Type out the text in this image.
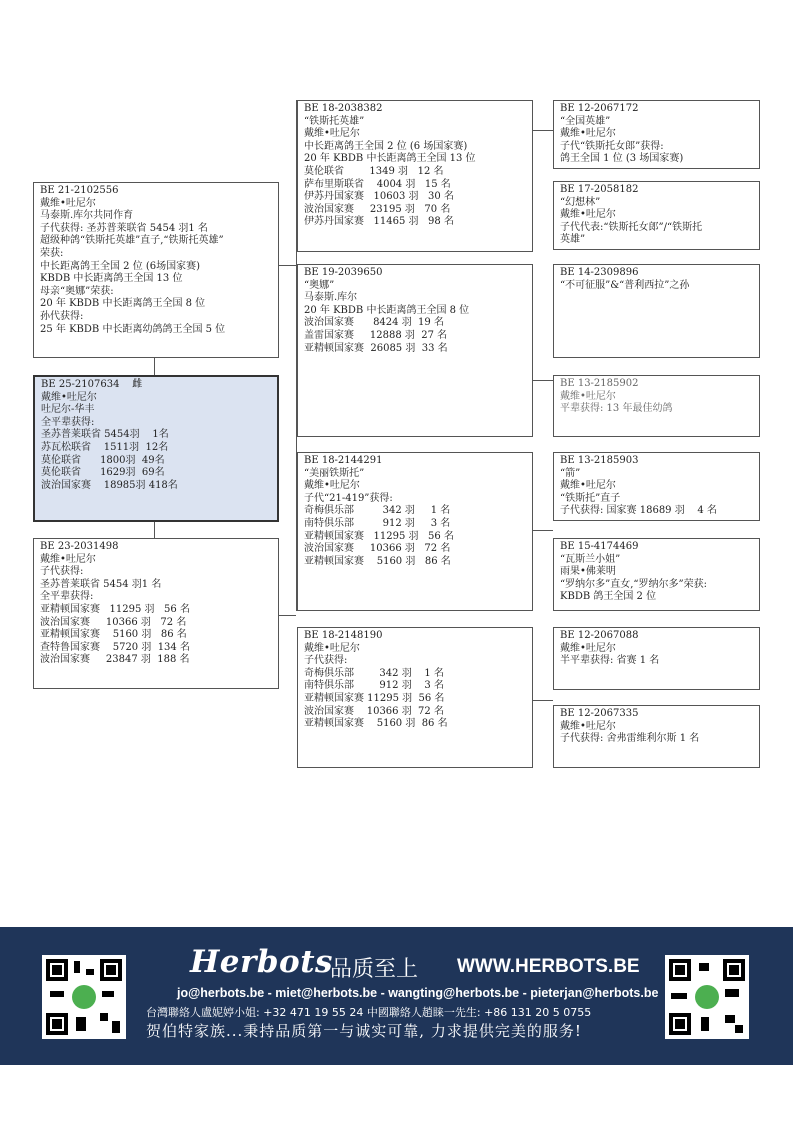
BE 21-2102556
戴维•吐尼尔
马泰斯.库尔共同作育
子代获得: 圣苏普莱联省 5454 羽1 名
超级种鸽“铁斯托英雄”直子,“铁斯托英雄”
荣获:
中长距离鸽王全国 2 位 (6场国家赛)
KBDB 中长距离鸽王全国 13 位
母亲“奥娜”荣获:
20 年 KBDB 中长距离鸽王全国 8 位
孙代获得:
25 年 KBDB 中长距离幼鸽鸽王全国 5 位
BE 25-2107634    雌
戴维•吐尼尔
吐尼尔-华丰
全平辈获得:
圣苏普莱联省 5454羽    1名
苏瓦松联省    1511羽  12名
莫伦联省      1800羽  49名
莫伦联省      1629羽  69名
波治国家赛    18985羽 418名
BE 23-2031498
戴维•吐尼尔
子代获得:
圣苏普莱联省 5454 羽1 名
全平辈获得:
亚精顿国家赛   11295 羽   56 名
波治国家赛     10366 羽   72 名
亚精顿国家赛    5160 羽   86 名
查特鲁国家赛    5720 羽  134 名
波治国家赛     23847 羽  188 名
BE 18-2038382
“铁斯托英雄”
戴维•吐尼尔
中长距离鸽王全国 2 位 (6 场国家赛)
20 年 KBDB 中长距离鸽王全国 13 位
莫伦联省        1349 羽   12 名
萨布里斯联省    4004 羽   15 名
伊苏丹国家赛   10603 羽   30 名
波治国家赛     23195 羽   70 名
伊苏丹国家赛   11465 羽   98 名
BE 19-2039650
“奥娜”
马泰斯.库尔
20 年 KBDB 中长距离鸽王全国 8 位
波治国家赛      8424 羽  19 名
盖雷国家赛     12888 羽  27 名
亚精顿国家赛  26085 羽  33 名
BE 18-2144291
“美丽铁斯托”
戴维•吐尼尔
子代“21-419”获得:
奇梅俱乐部         342 羽     1 名
南特俱乐部         912 羽     3 名
亚精顿国家赛   11295 羽   56 名
波治国家赛     10366 羽   72 名
亚精顿国家赛    5160 羽   86 名
BE 18-2148190
戴维•吐尼尔
子代获得:
奇梅俱乐部        342 羽    1 名
南特俱乐部        912 羽    3 名
亚精顿国家赛 11295 羽  56 名
波治国家赛    10366 羽  72 名
亚精顿国家赛    5160 羽  86 名
BE 12-2067172
“全国英雄”
戴维•吐尼尔
子代“铁斯托女郎”获得:
鸽王全国 1 位 (3 场国家赛)
BE 17-2058182
“幻想林”
戴维•吐尼尔
子代代表:“铁斯托女郎”/“铁斯托
英雄”
BE 14-2309896
“不可征服”&“普利西拉”之孙
BE 13-2185902
戴维•吐尼尔
平辈获得: 13 年最佳幼鸽
BE 13-2185903
“箭”
戴维•吐尼尔
“铁斯托”直子
子代获得: 国家赛 18689 羽    4 名
BE 15-4174469
“瓦斯兰小姐”
雨果•佛莱明
“罗纳尔多”直女,“罗纳尔多”荣获:
KBDB 鸽王全国 2 位
BE 12-2067088
戴维•吐尼尔
半平辈获得: 省赛 1 名
BE 12-2067335
戴维•吐尼尔
子代获得: 舍弗雷维利尔斯 1 名
Herbots
品质至上 WWW.HERBOTS.BE
jo@herbots.be - miet@herbots.be - wangting@herbots.be - pieterjan@herbots.be
台灣聯絡人盧妮婷小姐: +32 471 19 55 24 中國聯絡人趙睐一先生: +86 131 20 5 0755
贺伯特家族...秉持品质第一与诚实可靠, 力求提供完美的服务!
